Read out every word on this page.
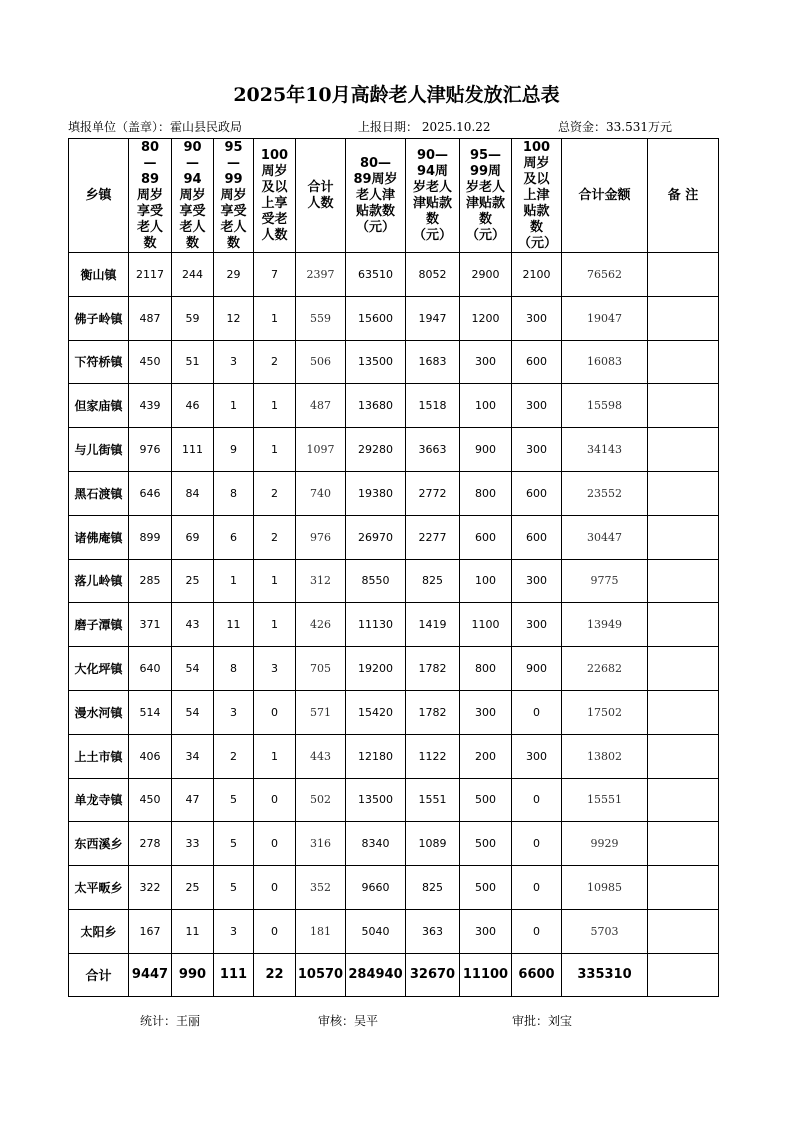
2025年10月高龄老人津贴发放汇总表
填报单位（盖章）：霍山县民政局	上报日期： 2025.10.22	总资金：33.531万元
乡镇	80—89周岁享受老人数	90—94周岁享受老人数	95—99周岁享受老人数	100周岁及以上享受老人数	合计人数	80—89周岁老人津贴款数（元）	90—94周岁老人津贴款数（元）	95—99周岁老人津贴款数（元）	100周岁及以上津贴款数（元）	合计金额	备 注
衡山镇	2117	244	29	7	2397	63510	8052	2900	2100	76562	
佛子岭镇	487	59	12	1	559	15600	1947	1200	300	19047	
下符桥镇	450	51	3	2	506	13500	1683	300	600	16083	
但家庙镇	439	46	1	1	487	13680	1518	100	300	15598	
与儿街镇	976	111	9	1	1097	29280	3663	900	300	34143	
黑石渡镇	646	84	8	2	740	19380	2772	800	600	23552	
诸佛庵镇	899	69	6	2	976	26970	2277	600	600	30447	
落儿岭镇	285	25	1	1	312	8550	825	100	300	9775	
磨子潭镇	371	43	11	1	426	11130	1419	1100	300	13949	
大化坪镇	640	54	8	3	705	19200	1782	800	900	22682	
漫水河镇	514	54	3	0	571	15420	1782	300	0	17502	
上土市镇	406	34	2	1	443	12180	1122	200	300	13802	
单龙寺镇	450	47	5	0	502	13500	1551	500	0	15551	
东西溪乡	278	33	5	0	316	8340	1089	500	0	9929	
太平畈乡	322	25	5	0	352	9660	825	500	0	10985	
太阳乡	167	11	3	0	181	5040	363	300	0	5703	
合计	9447	990	111	22	10570	284940	32670	11100	6600	335310	
统计：王丽	审核：吴平	审批：刘宝
